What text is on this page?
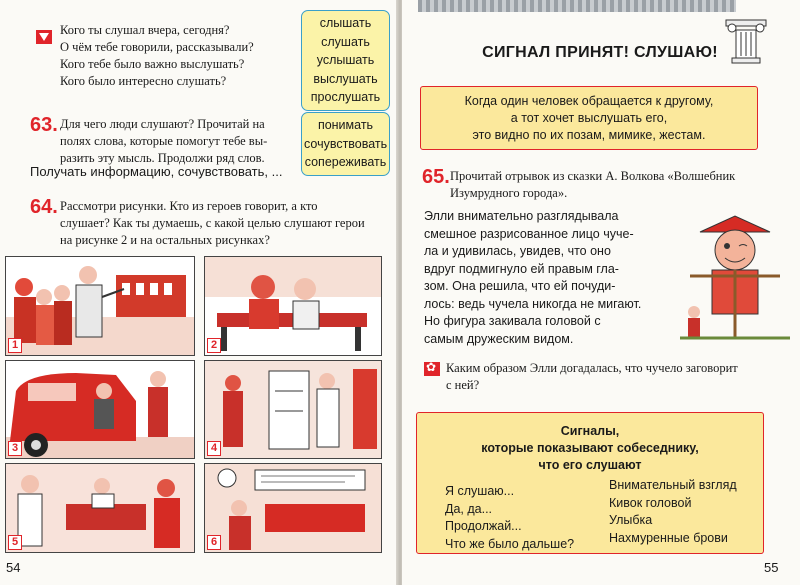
Кого ты слушал вчера, сегодня?
О чём тебе говорили, рассказывали?
Кого тебе было важно выслушать?
Кого было интересно слушать?
слышать
слушать
услышать
выслушать
прослушать
63. Для чего люди слушают? Прочитай на
полях слова, которые помогут тебе вы-
разить эту мысль. Продолжи ряд слов.
понимать
сочувствовать
сопереживать
Получать информацию, сочувствовать, ...
64. Рассмотри рисунки. Кто из героев говорит, а кто
слушает? Как ты думаешь, с какой целью слушают герои
на рисунке 2 и на остальных рисунках?
1	2
3	4
5	6
54
СИГНАЛ ПРИНЯТ! СЛУШАЮ!
Когда один человек обращается к другому,
а тот хочет выслушать его,
это видно по их позам, мимике, жестам.
65. Прочитай отрывок из сказки А. Волкова «Волшебник
Изумрудного города».
Элли внимательно разглядывала
смешное разрисованное лицо чуче-
ла и удивилась, увидев, что оно
вдруг подмигнуло ей правым гла-
зом. Она решила, что ей почуди-
лось: ведь чучела никогда не мигают.
Но фигура закивала головой с
самым дружеским видом.
✿
Каким образом Элли догадалась, что чучело заговорит
с ней?
Сигналы,
которые показывают собеседнику,
что его слушают
Я слушаю...
Да, да...
Продолжай...
Что же было дальше?
Внимательный взгляд
Кивок головой
Улыбка
Нахмуренные брови
55
